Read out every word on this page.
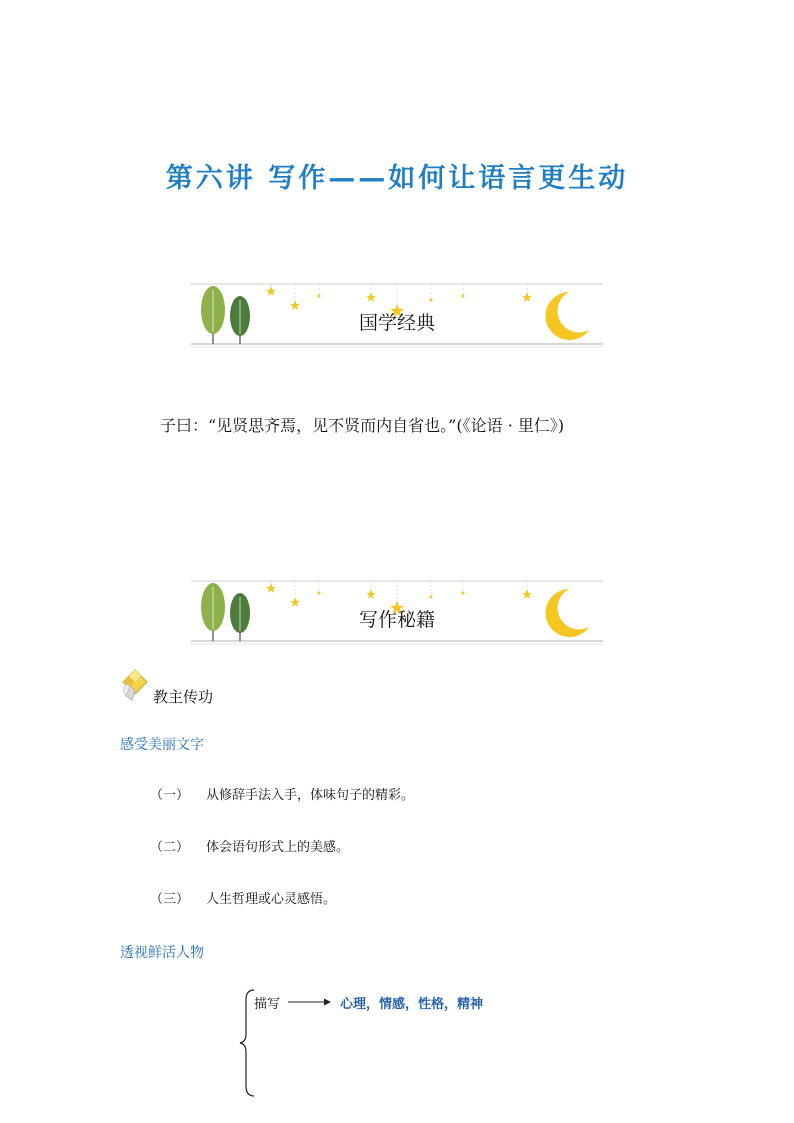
第六讲 写作——如何让语言更生动
国学经典
子曰：“见贤思齐焉，见不贤而内自省也。”(《论语 · 里仁》)
写作秘籍
教主传功
感受美丽文字
（一） 从修辞手法入手，体味句子的精彩。
（二） 体会语句形式上的美感。
（三） 人生哲理或心灵感悟。
透视鲜活人物
描写	心理，情感，性格，精神
